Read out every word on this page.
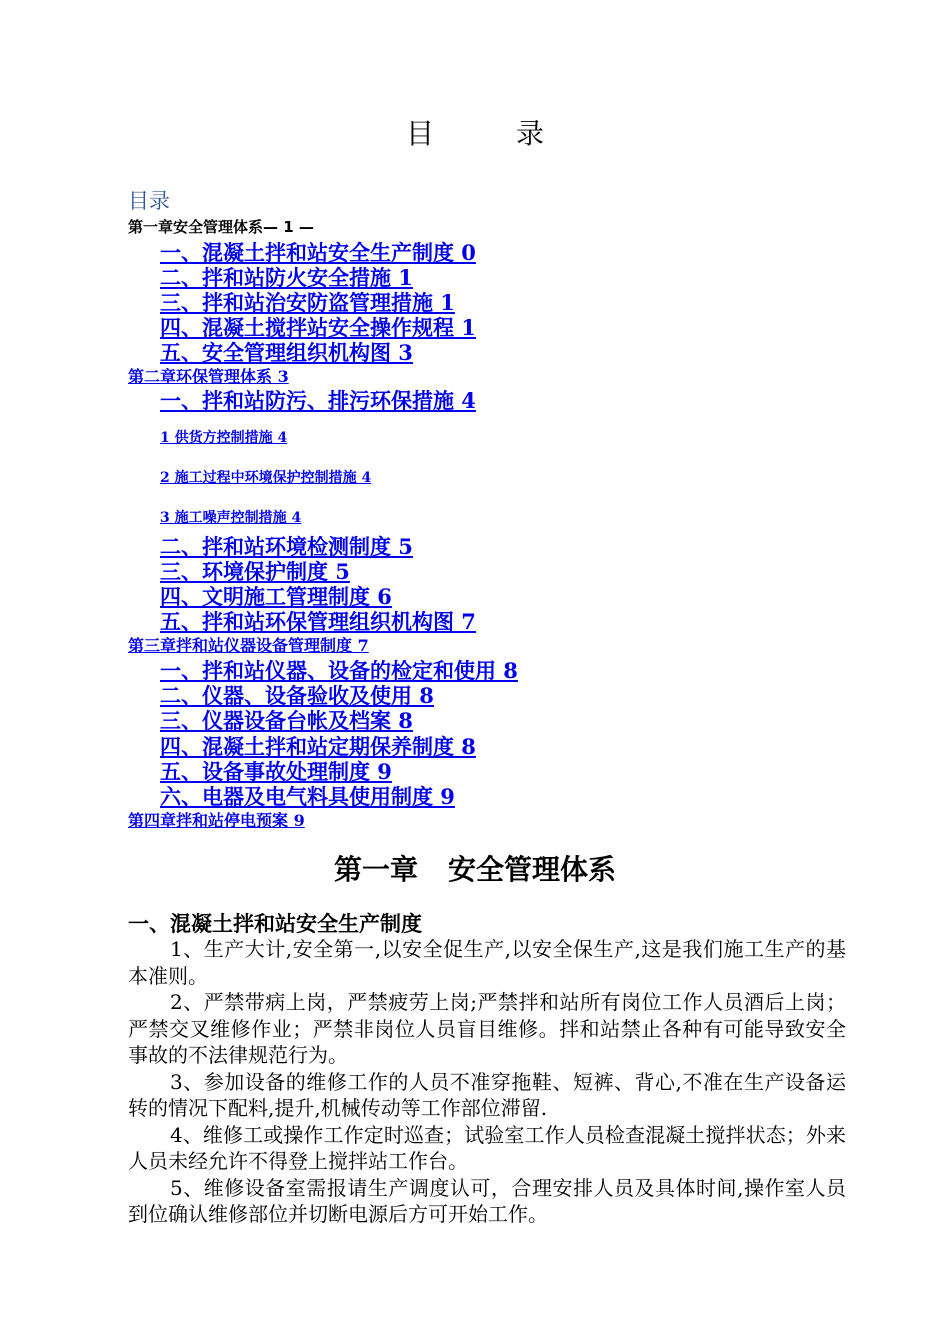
目	录
目录
第一章安全管理体系— 1 —
一、混凝土拌和站安全生产制度 0
二、拌和站防火安全措施 1
三、拌和站治安防盗管理措施 1
四、混凝土搅拌站安全操作规程 1
五、安全管理组织机构图 3
第二章环保管理体系 3
一、拌和站防污、排污环保措施 4
1 供货方控制措施 4
2 施工过程中环境保护控制措施 4
3 施工噪声控制措施 4
二、拌和站环境检测制度 5
三、环境保护制度 5
四、文明施工管理制度 6
五、拌和站环保管理组织机构图 7
第三章拌和站仪器设备管理制度 7
一、拌和站仪器、设备的检定和使用 8
二、仪器、设备验收及使用 8
三、仪器设备台帐及档案 8
四、混凝土拌和站定期保养制度 8
五、设备事故处理制度 9
六、电器及电气料具使用制度 9
第四章拌和站停电预案 9
第一章 安全管理体系
一、混凝土拌和站安全生产制度

1、生产大计,安全第一,以安全促生产,以安全保生产,这是我们施工生产的基本准则。

2、严禁带病上岗，严禁疲劳上岗;严禁拌和站所有岗位工作人员酒后上岗；严禁交叉维修作业；严禁非岗位人员盲目维修。拌和站禁止各种有可能导致安全事故的不法律规范行为。

3、参加设备的维修工作的人员不准穿拖鞋、短裤、背心,不准在生产设备运转的情况下配料,提升,机械传动等工作部位滞留.

4、维修工或操作工作定时巡查；试验室工作人员检查混凝土搅拌状态；外来人员未经允许不得登上搅拌站工作台。

5、维修设备室需报请生产调度认可，合理安排人员及具体时间,操作室人员到位确认维修部位并切断电源后方可开始工作。
